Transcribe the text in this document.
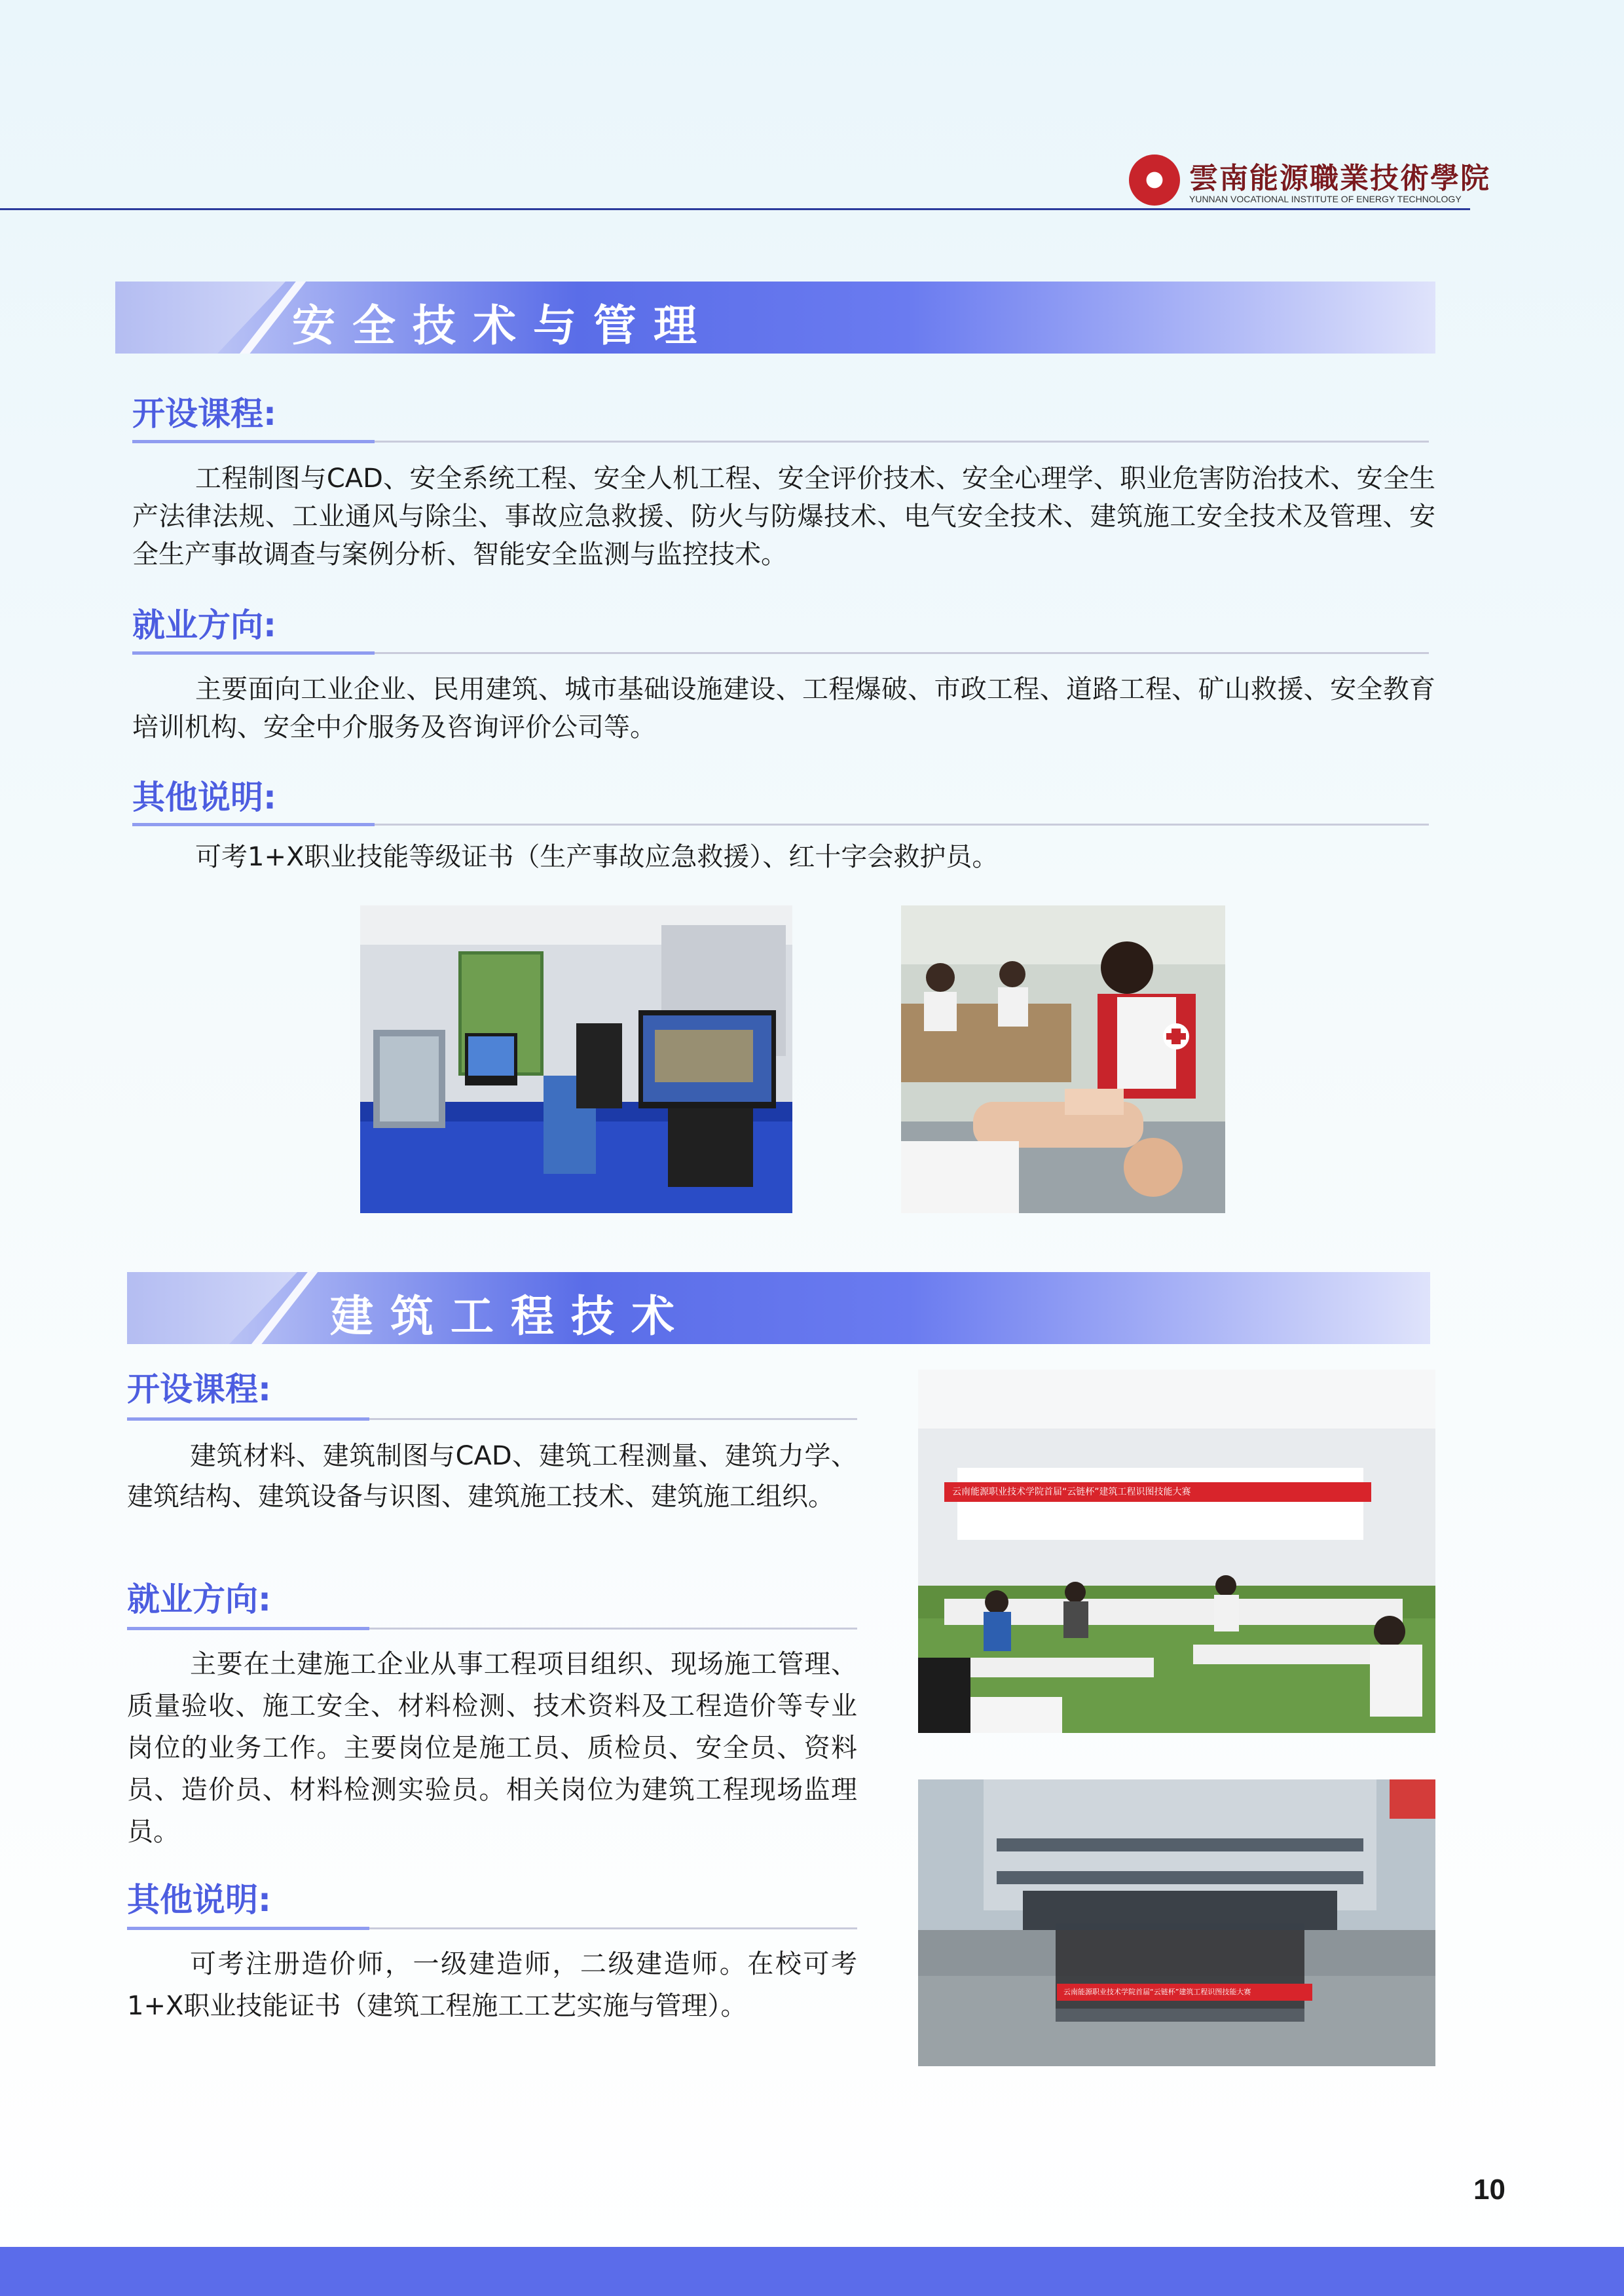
雲南能源職業技術學院
YUNNAN VOCATIONAL INSTITUTE OF ENERGY TECHNOLOGY
安全技术与管理
开设课程:

工程制图与CAD、安全系统工程、安全人机工程、安全评价技术、安全心理学、职业危害防治技术、安全生产法律法规、工业通风与除尘、事故应急救援、防火与防爆技术、电气安全技术、建筑施工安全技术及管理、安全生产事故调查与案例分析、智能安全监测与监控技术。

就业方向:

主要面向工业企业、民用建筑、城市基础设施建设、工程爆破、市政工程、道路工程、矿山救援、安全教育培训机构、安全中介服务及咨询评价公司等。

其他说明:

可考1+X职业技能等级证书（生产事故应急救援）、红十字会救护员。

建筑工程技术
开设课程:

建筑材料、建筑制图与CAD、建筑工程测量、建筑力学、建筑结构、建筑设备与识图、建筑施工技术、建筑施工组织。

就业方向:

主要在土建施工企业从事工程项目组织、现场施工管理、质量验收、施工安全、材料检测、技术资料及工程造价等专业岗位的业务工作。主要岗位是施工员、质检员、安全员、资料员、造价员、材料检测实验员。相关岗位为建筑工程现场监理员。

其他说明:

可考注册造价师，一级建造师，二级建造师。在校可考1+X职业技能证书（建筑工程施工工艺实施与管理）。

云南能源职业技术学院首届“云链杯”建筑工程识图技能大赛
云南能源职业技术学院首届“云链杯”建筑工程识图技能大赛
10
